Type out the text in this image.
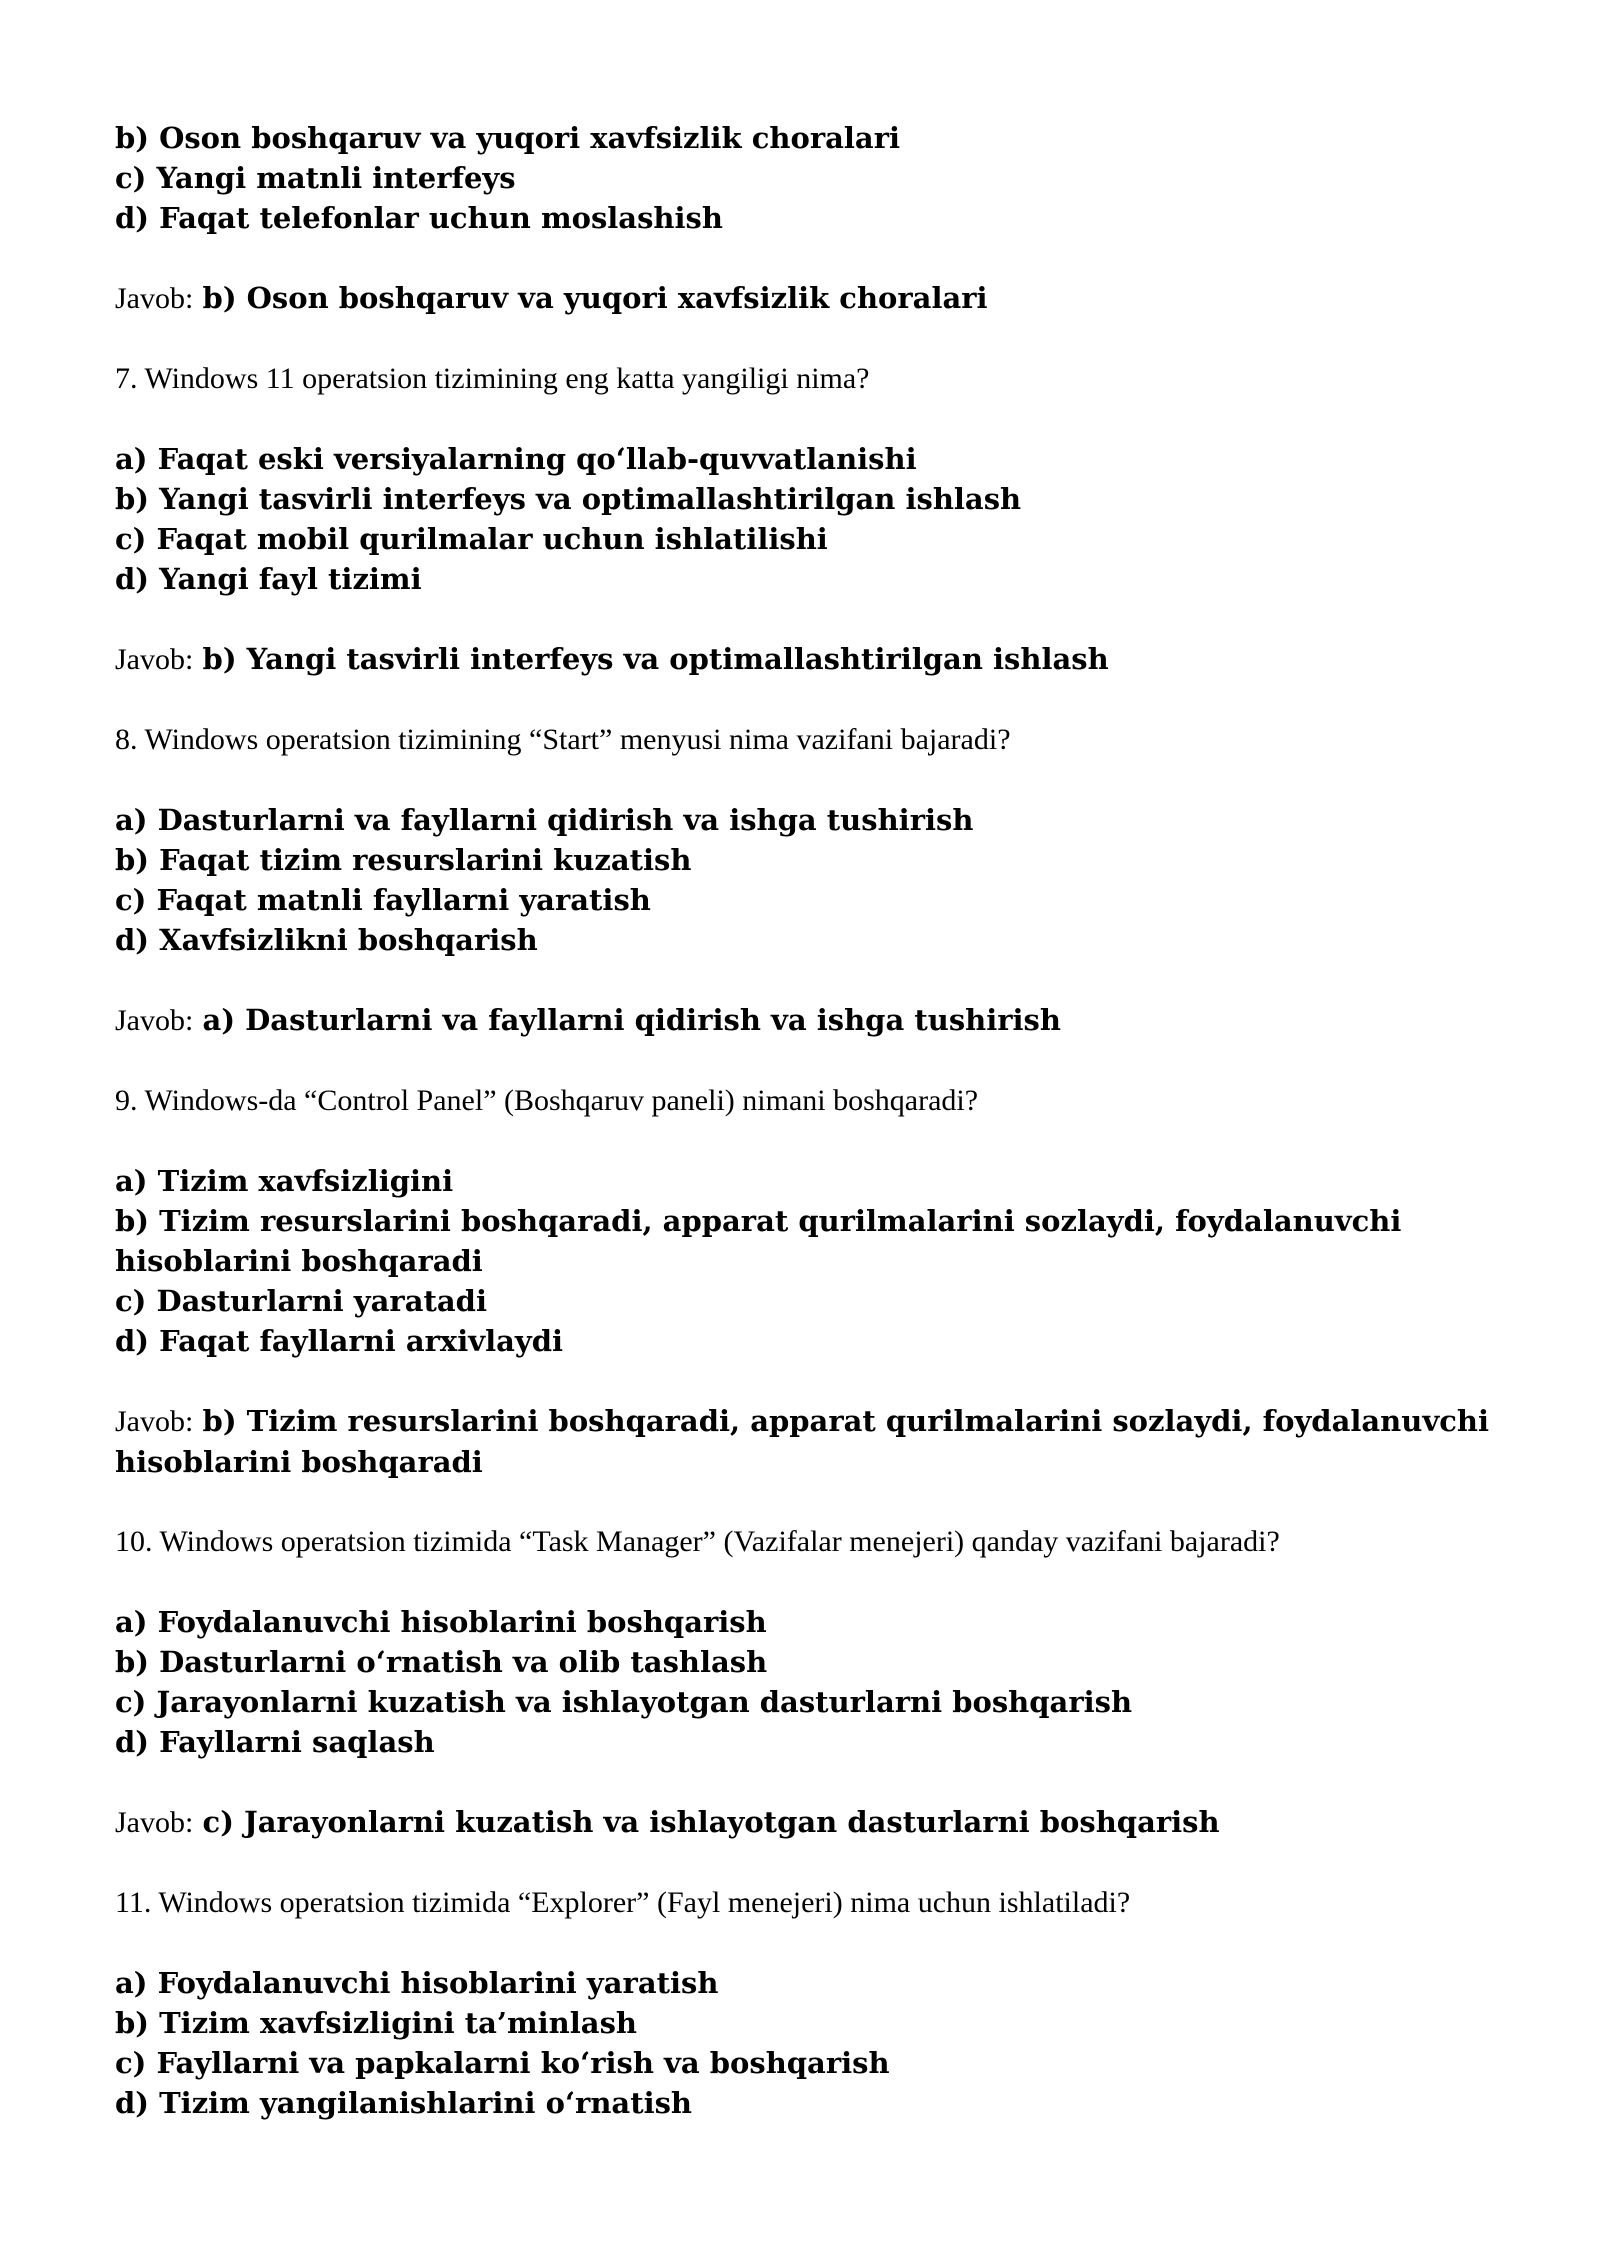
b) Oson boshqaruv va yuqori xavfsizlik choralari

c) Yangi matnli interfeys

d) Faqat telefonlar uchun moslashish

Javob: b) Oson boshqaruv va yuqori xavfsizlik choralari

7. Windows 11 operatsion tizimining eng katta yangiligi nima?

a) Faqat eski versiyalarning qo‘llab-quvvatlanishi

b) Yangi tasvirli interfeys va optimallashtirilgan ishlash

c) Faqat mobil qurilmalar uchun ishlatilishi

d) Yangi fayl tizimi

Javob: b) Yangi tasvirli interfeys va optimallashtirilgan ishlash

8. Windows operatsion tizimining “Start” menyusi nima vazifani bajaradi?

a) Dasturlarni va fayllarni qidirish va ishga tushirish

b) Faqat tizim resurslarini kuzatish

c) Faqat matnli fayllarni yaratish

d) Xavfsizlikni boshqarish

Javob: a) Dasturlarni va fayllarni qidirish va ishga tushirish

9. Windows-da “Control Panel” (Boshqaruv paneli) nimani boshqaradi?

a) Tizim xavfsizligini

b) Tizim resurslarini boshqaradi, apparat qurilmalarini sozlaydi, foydalanuvchi hisoblarini boshqaradi

c) Dasturlarni yaratadi

d) Faqat fayllarni arxivlaydi

Javob: b) Tizim resurslarini boshqaradi, apparat qurilmalarini sozlaydi, foydalanuvchi hisoblarini boshqaradi

10. Windows operatsion tizimida “Task Manager” (Vazifalar menejeri) qanday vazifani bajaradi?

a) Foydalanuvchi hisoblarini boshqarish

b) Dasturlarni o‘rnatish va olib tashlash

c) Jarayonlarni kuzatish va ishlayotgan dasturlarni boshqarish

d) Fayllarni saqlash

Javob: c) Jarayonlarni kuzatish va ishlayotgan dasturlarni boshqarish

11. Windows operatsion tizimida “Explorer” (Fayl menejeri) nima uchun ishlatiladi?

a) Foydalanuvchi hisoblarini yaratish

b) Tizim xavfsizligini ta’minlash

c) Fayllarni va papkalarni ko‘rish va boshqarish

d) Tizim yangilanishlarini o‘rnatish
